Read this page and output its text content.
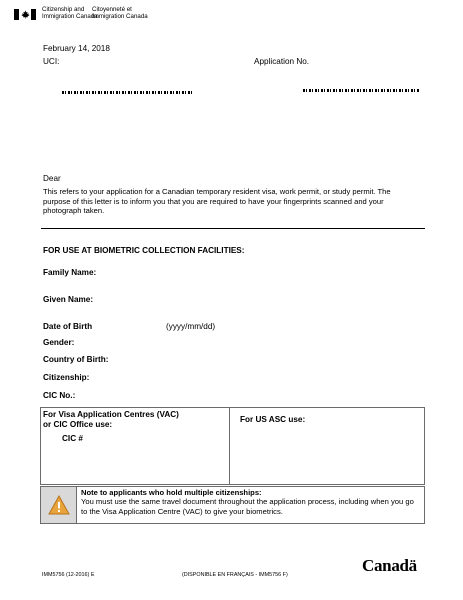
Citizenship and
Immigration Canada
Citoyenneté et
Immigration Canada
February 14, 2018
UCI:	Application No.
Dear
This refers to your application for a Canadian temporary resident visa, work permit, or study permit. The purpose of this letter is to inform you that you are required to have your fingerprints scanned and your photograph taken.
FOR USE AT BIOMETRIC COLLECTION FACILITIES:
Family Name:
Given Name:
Date of Birth	(yyyy/mm/dd)
Gender:
Country of Birth:
Citizenship:
CIC No.:
For Visa Application Centres (VAC)
or CIC Office use:
CIC #
For US ASC use:
Note to applicants who hold multiple citizenships:
You must use the same travel document throughout the application process, including when you go to the Visa Application Centre (VAC) to give your biometrics.
IMM5756 (12-2016) E	(DISPONIBLE EN FRANÇAIS - IMM5756 F)	Canadä
